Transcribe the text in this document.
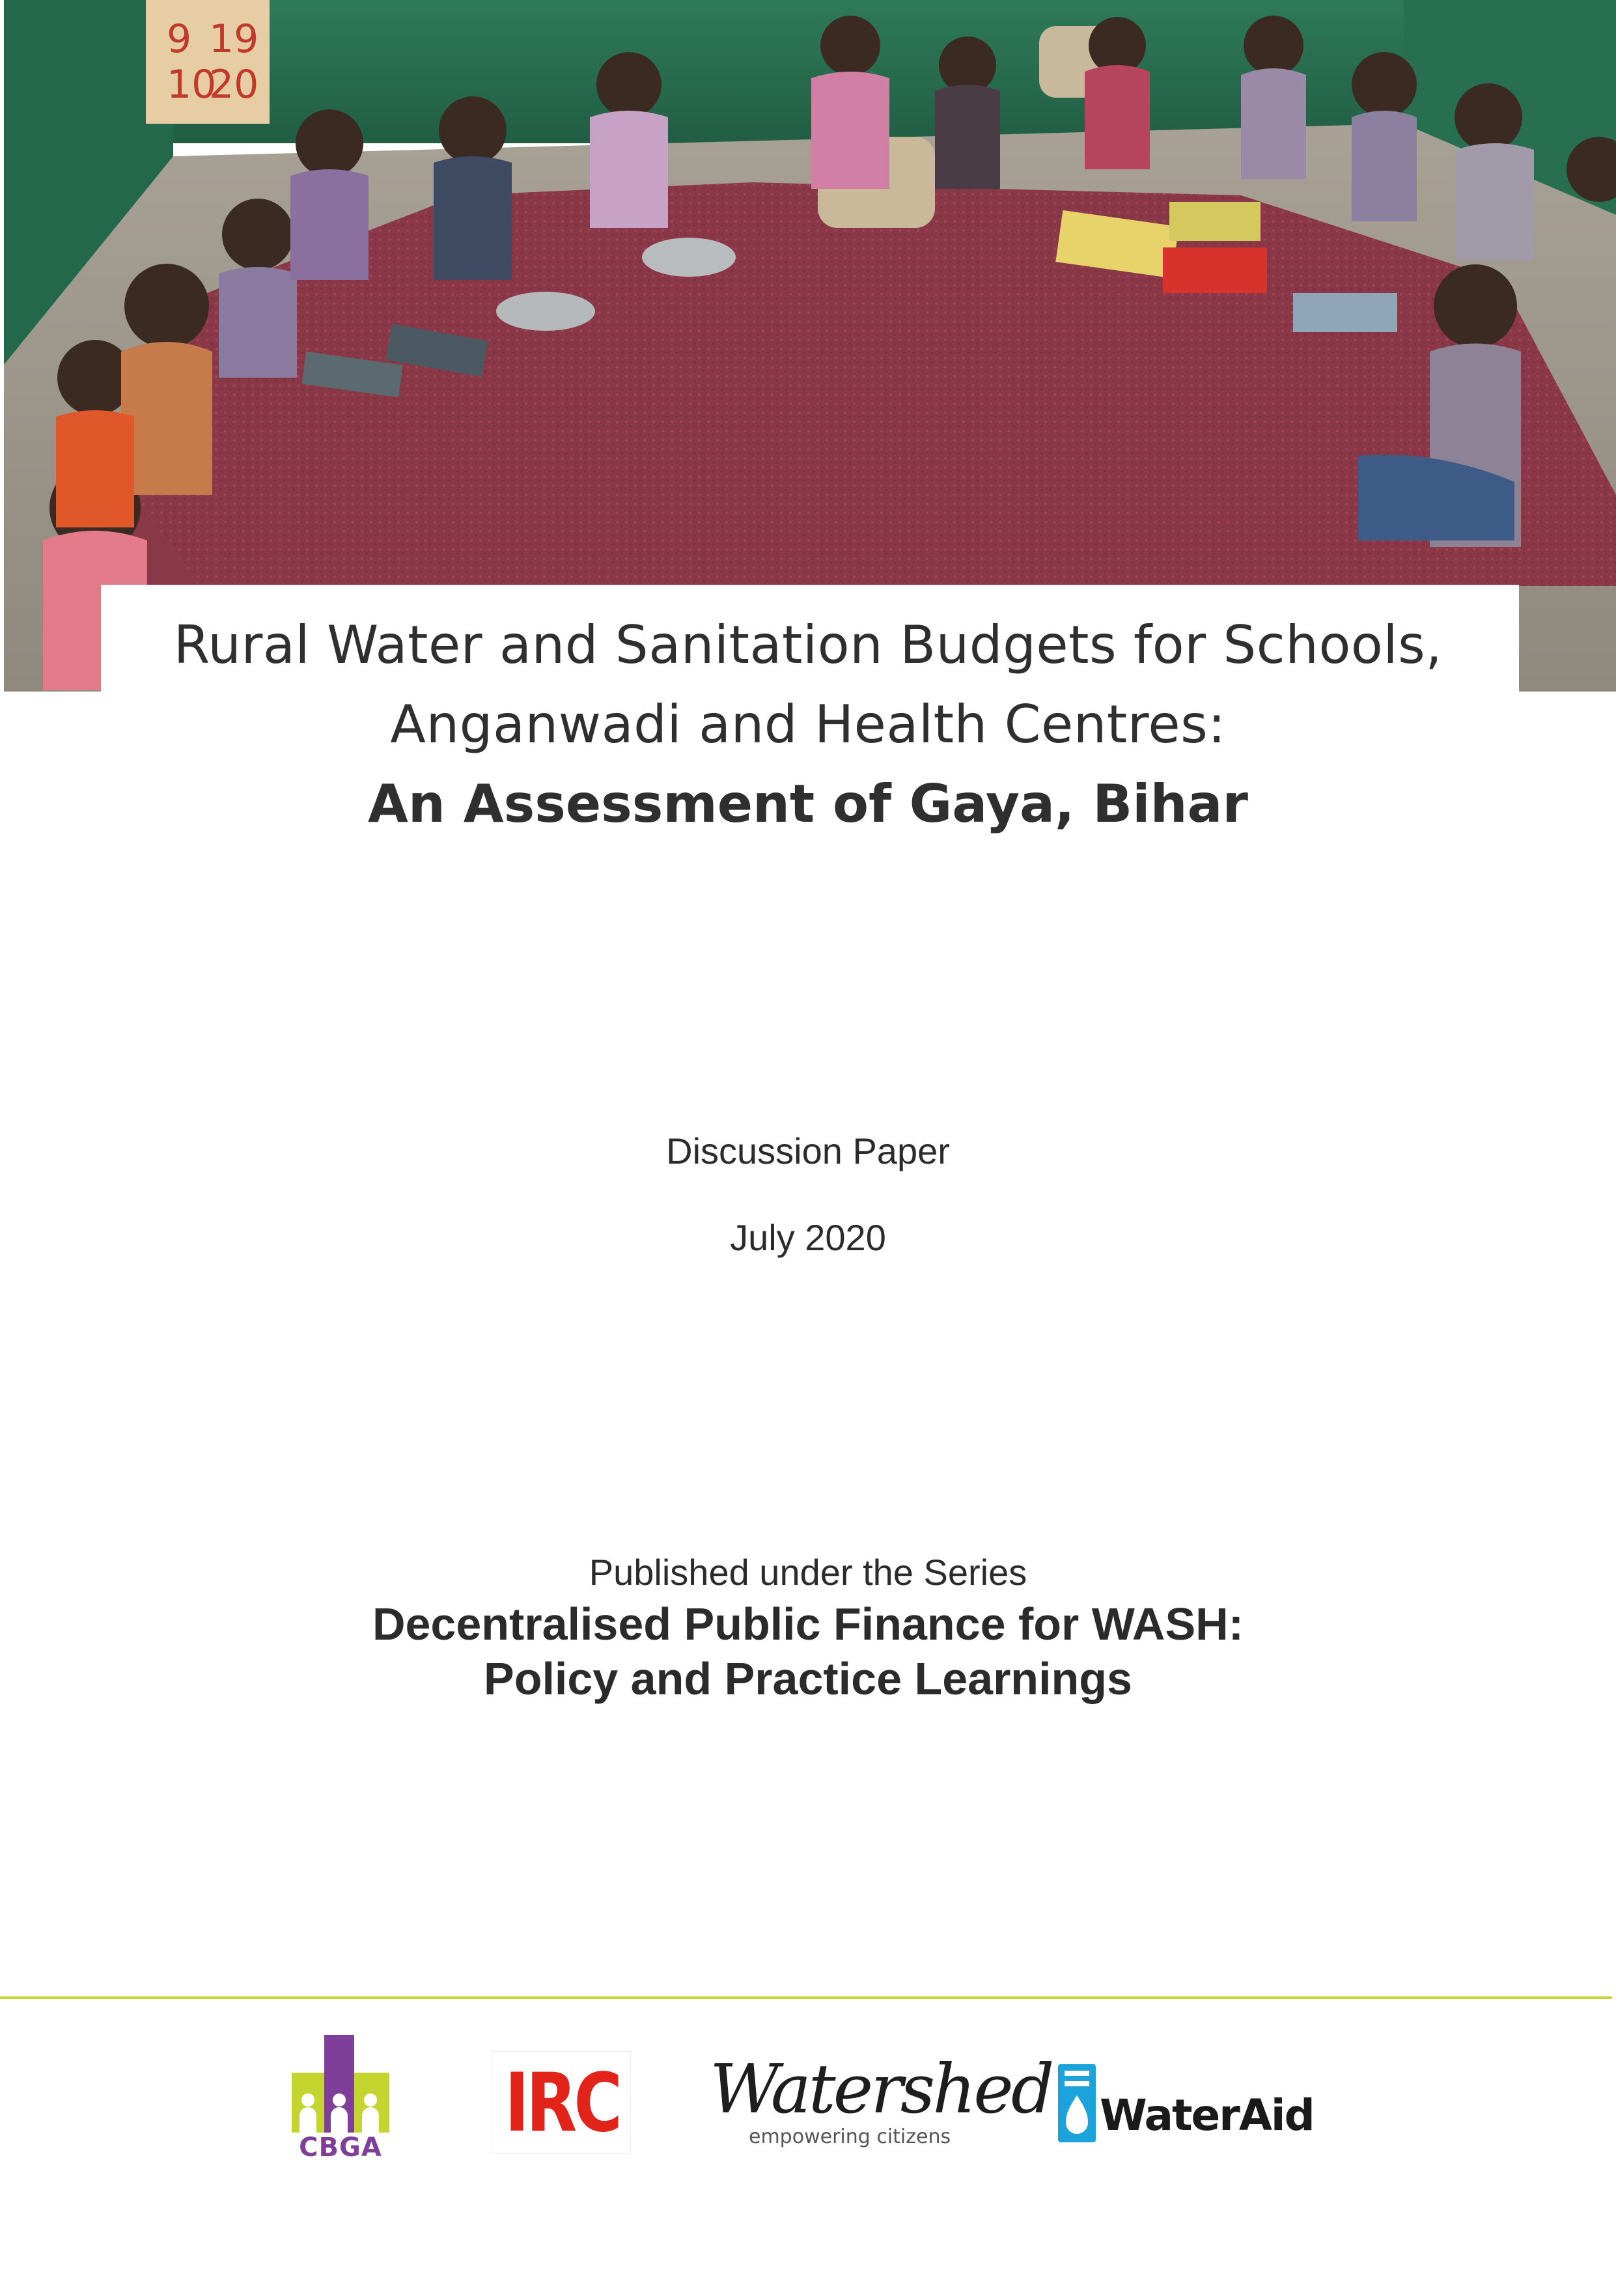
9 19
10
20
Rural Water and Sanitation Budgets for Schools,
Anganwadi and Health Centres:
An Assessment of Gaya, Bihar
Discussion Paper
July 2020
Published under the Series
Decentralised Public Finance for WASH:
Policy and Practice Learnings
CBGA IRC Watershed
empowering citizens	WaterAid
